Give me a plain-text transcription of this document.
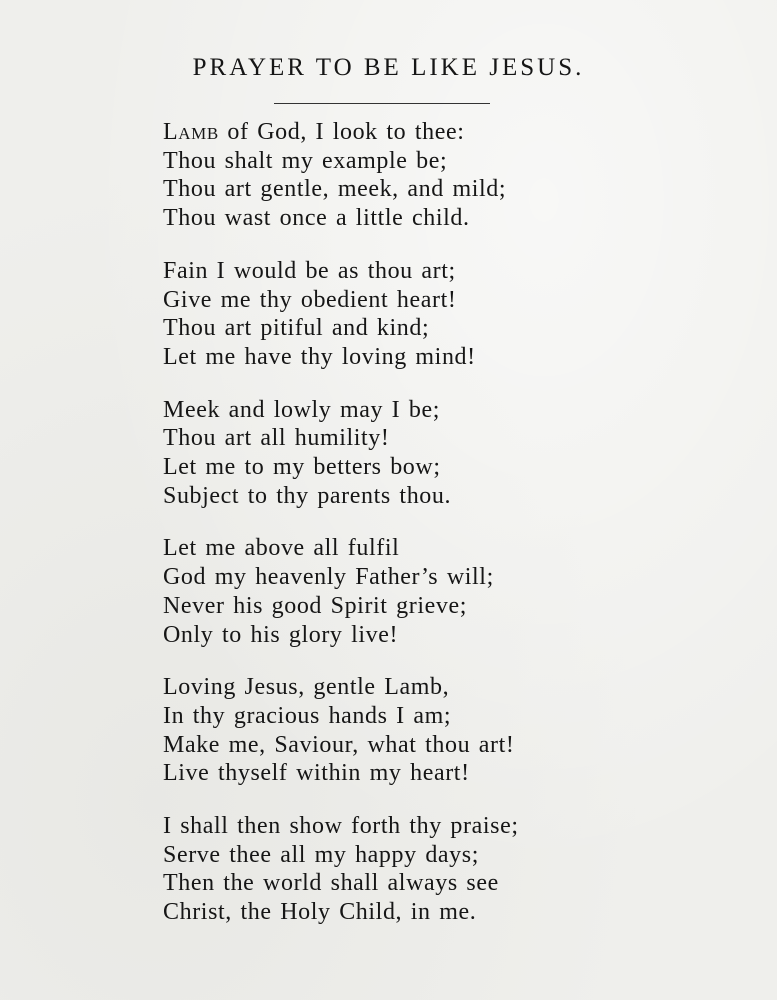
PRAYER TO BE LIKE JESUS.
Lamb of God, I look to thee:
Thou shalt my example be;
Thou art gentle, meek, and mild;
Thou wast once a little child.
Fain I would be as thou art;
Give me thy obedient heart!
Thou art pitiful and kind;
Let me have thy loving mind!
Meek and lowly may I be;
Thou art all humility!
Let me to my betters bow;
Subject to thy parents thou.
Let me above all fulfil
God my heavenly Father’s will;
Never his good Spirit grieve;
Only to his glory live!
Loving Jesus, gentle Lamb,
In thy gracious hands I am;
Make me, Saviour, what thou art!
Live thyself within my heart!
I shall then show forth thy praise;
Serve thee all my happy days;
Then the world shall always see
Christ, the Holy Child, in me.
